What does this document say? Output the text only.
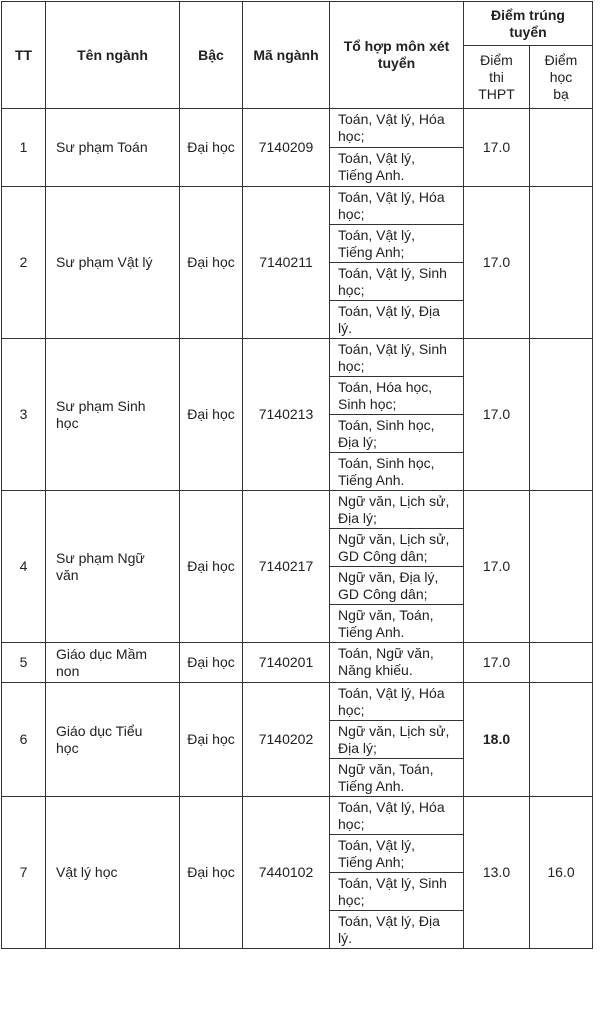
TT	Tên ngành	Bậc	Mã ngành	Tổ hợp môn xét tuyển	Điểm trúng tuyển	
					Điểm thi THPT	Điểm học bạ
1	Sư phạm Toán	Đại học	7140209	Toán, Vật lý, Hóa học;	17.0	
				Toán, Vật lý, Tiếng Anh.		
2	Sư phạm Vật lý	Đại học	7140211	Toán, Vật lý, Hóa học;	17.0	
				Toán, Vật lý, Tiếng Anh;		
				Toán, Vật lý, Sinh học;		
				Toán, Vật lý, Địa lý.		
3	Sư phạm Sinh học	Đại học	7140213	Toán, Vật lý, Sinh học;	17.0	
				Toán, Hóa học, Sinh học;		
				Toán, Sinh học, Địa lý;		
				Toán, Sinh học, Tiếng Anh.		
4	Sư phạm Ngữ văn	Đại học	7140217	Ngữ văn, Lịch sử, Địa lý;	17.0	
				Ngữ văn, Lịch sử, GD Công dân;		
				Ngữ văn, Địa lý, GD Công dân;		
				Ngữ văn, Toán, Tiếng Anh.		
5	Giáo dục Mầm non	Đại học	7140201	Toán, Ngữ văn, Năng khiếu.	17.0	
6	Giáo dục Tiểu học	Đại học	7140202	Toán, Vật lý, Hóa học;	18.0	
				Ngữ văn, Lịch sử, Địa lý;		
				Ngữ văn, Toán, Tiếng Anh.		
7	Vật lý học	Đại học	7440102	Toán, Vật lý, Hóa học;	13.0	16.0
				Toán, Vật lý, Tiếng Anh;		
				Toán, Vật lý, Sinh học;		
				Toán, Vật lý, Địa lý.		
